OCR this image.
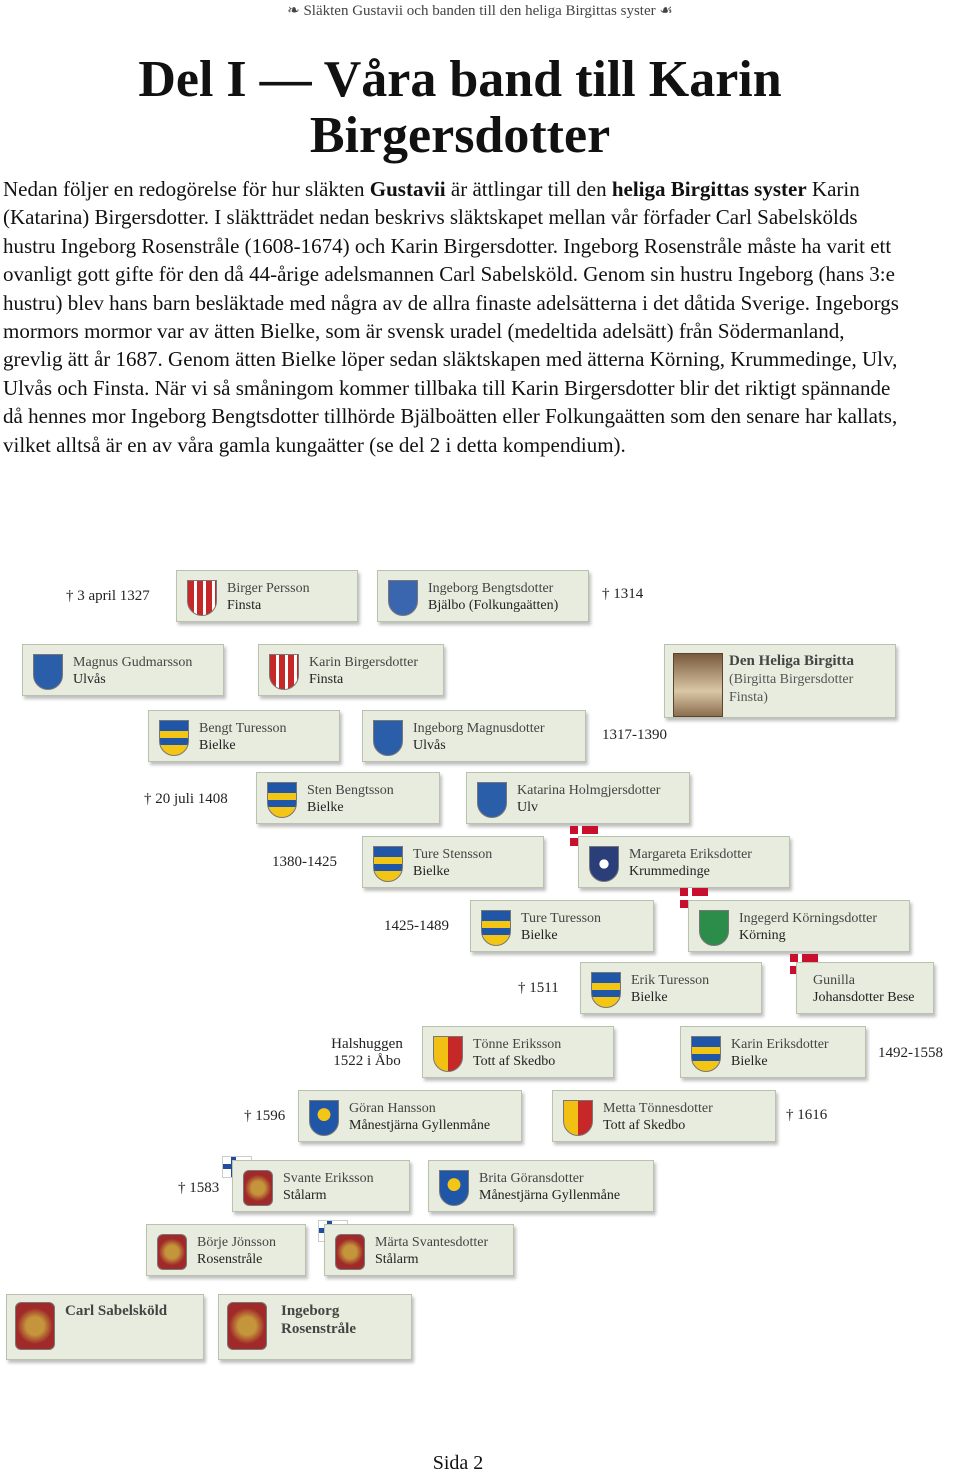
❧ Släkten Gustavii och banden till den heliga Birgittas syster ☙
Del I — Våra band till Karin Birgersdotter

Nedan följer en redogörelse för hur släkten Gustavii är ättlingar till den heliga Birgittas syster Karin (Katarina) Birgersdotter. I släktträdet nedan beskrivs släktskapet mellan vår förfader Carl Sabelskölds hustru Ingeborg Rosenstråle (1608-1674) och Karin Birgersdotter. Ingeborg Rosenstråle måste ha varit ett ovanligt gott gifte för den då 44-årige adelsmannen Carl Sabelsköld. Genom sin hustru Ingeborg (hans 3:e hustru) blev hans barn besläktade med några av de allra finaste adelsätterna i det dåtida Sverige. Ingeborgs mormors mormor var av ätten Bielke, som är svensk uradel (medeltida adelsätt) från Södermanland, grevlig ätt år 1687. Genom ätten Bielke löper sedan släktskapen med ätterna Körning, Krummedinge, Ulv, Ulvås och Finsta. När vi så småningom kommer tillbaka till Karin Birgersdotter blir det riktigt spännande då hennes mor Ingeborg Bengtsdotter tillhörde Bjälboätten eller Folkungaätten som den senare har kallats, vilket alltså är en av våra gamla kungaätter (se del 2 i detta kompendium).

† 3 april 1327	Birger Persson
Finsta
Ingeborg Bengtsdotter
Bjälbo (Folkungaätten)
† 1314
Magnus Gudmarsson
Ulvås
Karin Birgersdotter
Finsta
Den Heliga Birgitta
(Birgitta Birgersdotter
Finsta)
Bengt Turesson
Bielke
Ingeborg Magnusdotter
Ulvås
1317-1390
† 20 juli 1408
Sten Bengtsson
Bielke
Katarina Holmgjersdotter
Ulv
1380-1425	Ture Stensson
Bielke
Margareta Eriksdotter
Krummedinge
1425-1489	Ture Turesson
Bielke
Ingegerd Körningsdotter
Körning
† 1511	Erik Turesson
Bielke
Gunilla
Johansdotter Bese
Halshuggen
1522 i Åbo
Tönne Eriksson
Tott af Skedbo
Karin Eriksdotter
Bielke
1492-1558
† 1596	Göran Hansson
Månestjärna Gyllenmåne
Metta Tönnesdotter
Tott af Skedbo
† 1616
† 1583
Svante Eriksson
Stålarm
Brita Göransdotter
Månestjärna Gyllenmåne
Börje Jönsson
Rosenstråle
Märta Svantesdotter
Stålarm
Carl Sabelsköld	Ingeborg
Rosenstråle
Sida 2
